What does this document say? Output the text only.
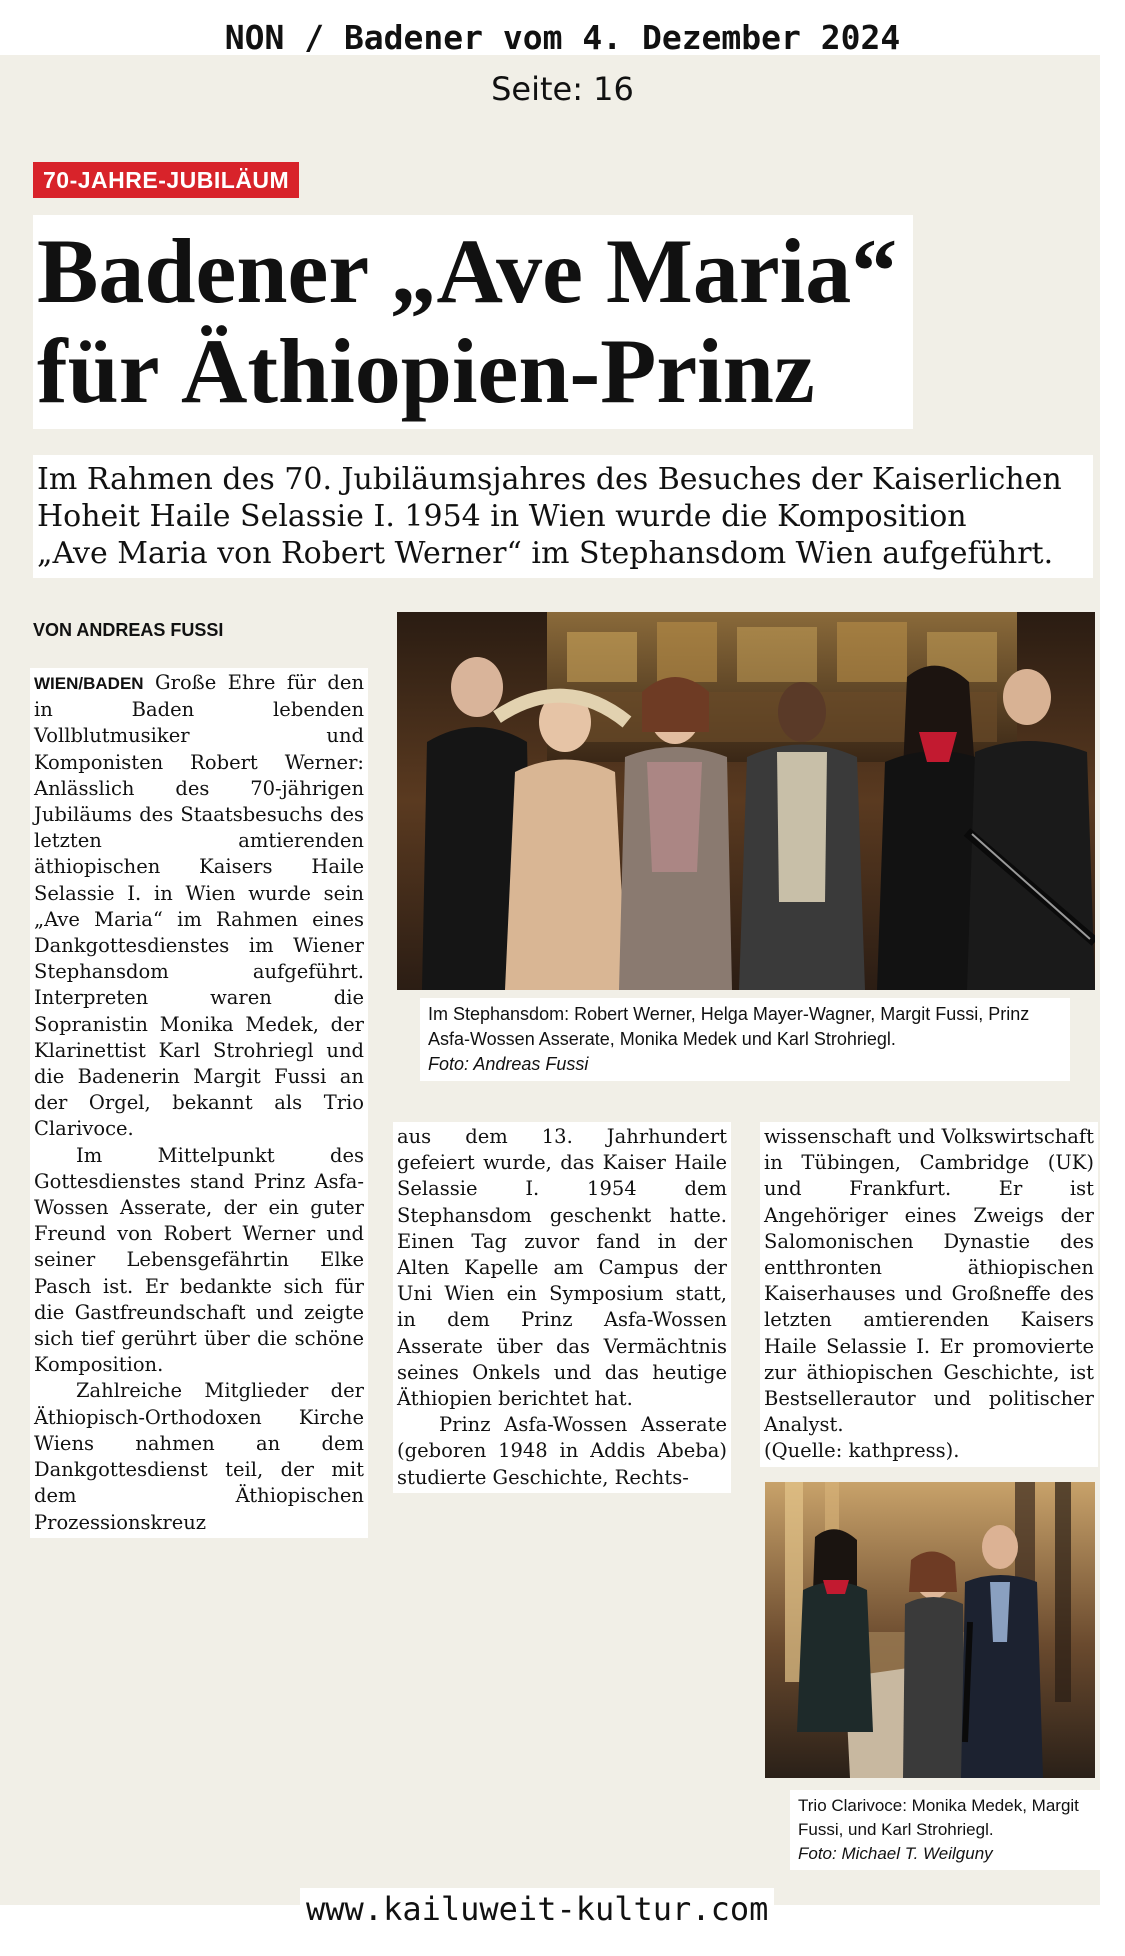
NON / Badener vom 4. Dezember 2024
Seite: 16
70-JAHRE-JUBILÄUM
Badener „Ave Maria“
für Äthiopien-Prinz
Im Rahmen des 70. Jubiläumsjahres des Besuches der Kaiserlichen
Hoheit Haile Selassie I. 1954 in Wien wurde die Komposition
„Ave Maria von Robert Werner“ im Stephansdom Wien aufgeführt.
VON ANDREAS FUSSI

WIEN/BADEN Große Ehre für den in Baden lebenden Vollblutmusiker und Komponisten Robert Werner: Anlässlich des 70-jährigen Jubiläums des Staatsbesuchs des letzten amtierenden äthiopischen Kaisers Haile Selassie I. in Wien wurde sein „Ave Maria“ im Rahmen eines Dankgottesdienstes im Wiener Stephansdom aufgeführt. Interpreten waren die Sopranistin Monika Medek, der Klarinettist Karl Strohriegl und die Badenerin Margit Fussi an der Orgel, bekannt als Trio Clarivoce.

Im Mittelpunkt des Gottesdienstes stand Prinz Asfa-Wossen Asserate, der ein guter Freund von Robert Werner und seiner Lebensgefährtin Elke Pasch ist. Er bedankte sich für die Gastfreundschaft und zeigte sich tief gerührt über die schöne Komposition.

Zahlreiche Mitglieder der Äthiopisch-Orthodoxen Kirche Wiens nahmen an dem Dankgottesdienst teil, der mit dem Äthiopischen Prozessionskreuz

Im Stephansdom: Robert Werner, Helga Mayer-Wagner, Margit Fussi, Prinz Asfa-Wossen Asserate, Monika Medek und Karl Strohriegl.
Foto: Andreas Fussi

aus dem 13. Jahrhundert gefeiert wurde, das Kaiser Haile Selassie I. 1954 dem Stephansdom geschenkt hatte. Einen Tag zuvor fand in der Alten Kapelle am Campus der Uni Wien ein Symposium statt, in dem Prinz Asfa-Wossen Asserate über das Vermächtnis seines Onkels und das heutige Äthiopien berichtet hat.

Prinz Asfa-Wossen Asserate (geboren 1948 in Addis Abeba) studierte Geschichte, Rechts-

wissenschaft und Volkswirtschaft in Tübingen, Cambridge (UK) und Frankfurt. Er ist Angehöriger eines Zweigs der Salomonischen Dynastie des entthronten äthiopischen Kaiserhauses und Großneffe des letzten amtierenden Kaisers Haile Selassie I. Er promovierte zur äthiopischen Geschichte, ist Bestsellerautor und politischer Analyst.

(Quelle: kathpress).

Trio Clarivoce: Monika Medek, Margit Fussi, und Karl Strohriegl.
Foto: Michael T. Weilguny
www.kailuweit-kultur.com
